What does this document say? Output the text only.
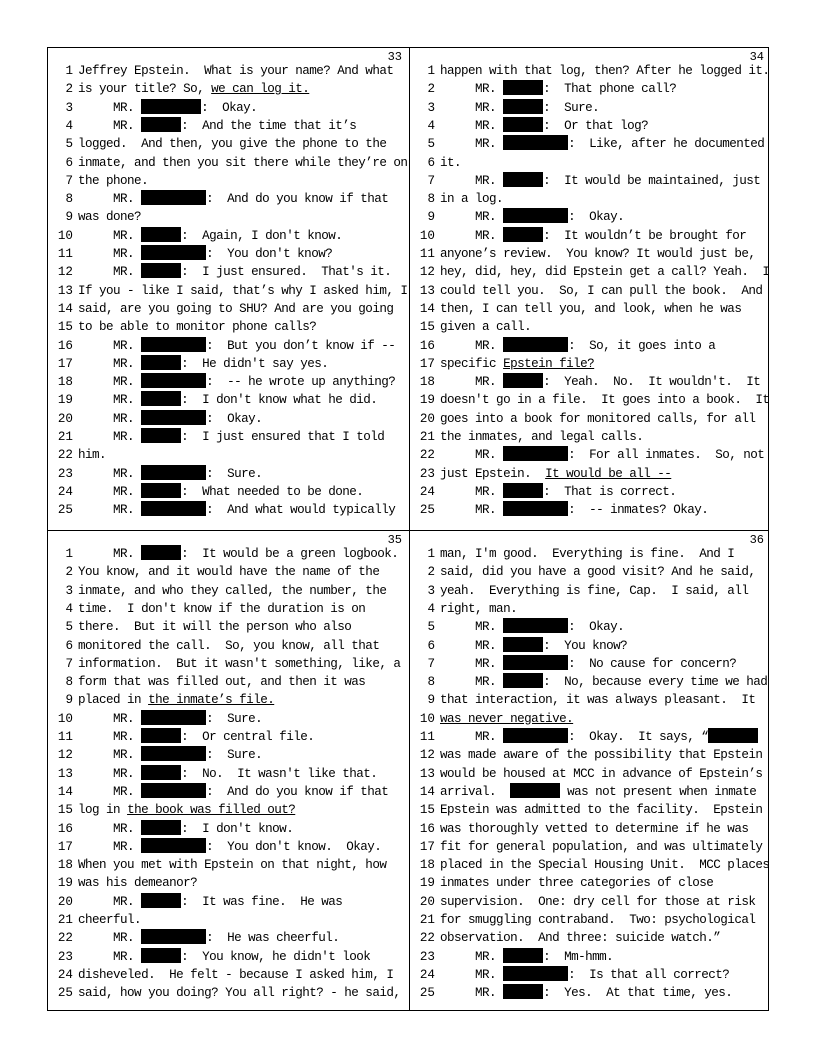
33
1 Jeffrey Epstein.  What is your name? And what
2 is your title? So, we can log it.
3     MR.	:  Okay.
4     MR.	:  And the time that it’s
5 logged.  And then, you give the phone to the
6 inmate, and then you sit there while they’re on
7 the phone.
8     MR.	:  And do you know if that
9 was done?
10     MR.	:  Again, I don't know.
11     MR.	:  You don't know?
12     MR.	:  I just ensured.  That's it.
13 If you - like I said, that’s why I asked him, I
14 said, are you going to SHU? And are you going
15 to be able to monitor phone calls?
16     MR.	:  But you don’t know if --
17     MR.	:  He didn't say yes.
18     MR.	:  -- he wrote up anything?
19     MR.	:  I don't know what he did.
20     MR.	:  Okay.
21     MR.	:  I just ensured that I told
22 him.
23     MR.	:  Sure.
24     MR.	:  What needed to be done.
25     MR.	:  And what would typically
34
1 happen with that log, then? After he logged it.
2     MR.	:  That phone call?
3     MR.	:  Sure.
4     MR.	:  Or that log?
5     MR.	:  Like, after he documented
6 it.
7     MR.	:  It would be maintained, just
8 in a log.
9     MR.	:  Okay.
10     MR.	:  It wouldn’t be brought for
11 anyone’s review.  You know? It would just be,
12 hey, did, hey, did Epstein get a call? Yeah.  I
13 could tell you.  So, I can pull the book.  And
14 then, I can tell you, and look, when he was
15 given a call.
16     MR.	:  So, it goes into a
17 specific Epstein file?
18     MR.	:  Yeah.  No.  It wouldn't.  It
19 doesn't go in a file.  It goes into a book.  It
20 goes into a book for monitored calls, for all
21 the inmates, and legal calls.
22     MR.	:  For all inmates.  So, not
23 just Epstein.  It would be all --
24     MR.	:  That is correct.
25     MR.	:  -- inmates? Okay.
35
1     MR.	:  It would be a green logbook.
2 You know, and it would have the name of the
3 inmate, and who they called, the number, the
4 time.  I don't know if the duration is on
5 there.  But it will the person who also
6 monitored the call.  So, you know, all that
7 information.  But it wasn't something, like, a
8 form that was filled out, and then it was
9 placed in the inmate’s file.
10     MR.	:  Sure.
11     MR.	:  Or central file.
12     MR.	:  Sure.
13     MR.	:  No.  It wasn't like that.
14     MR.	:  And do you know if that
15 log in the book was filled out?
16     MR.	:  I don't know.
17     MR.	:  You don't know.  Okay.
18 When you met with Epstein on that night, how
19 was his demeanor?
20     MR.	:  It was fine.  He was
21 cheerful.
22     MR.	:  He was cheerful.
23     MR.	:  You know, he didn't look
24 disheveled.  He felt - because I asked him, I
25 said, how you doing? You all right? - he said,
36
1 man, I'm good.  Everything is fine.  And I
2 said, did you have a good visit? And he said,
3 yeah.  Everything is fine, Cap.  I said, all
4 right, man.
5     MR.	:  Okay.
6     MR.	:  You know?
7     MR.	:  No cause for concern?
8     MR.	:  No, because every time we had
9 that interaction, it was always pleasant.  It
10 was never negative.
11     MR.	:  Okay.  It says, “
12 was made aware of the possibility that Epstein
13 would be housed at MCC in advance of Epstein’s
14 arrival.	was not present when inmate
15 Epstein was admitted to the facility.  Epstein
16 was thoroughly vetted to determine if he was
17 fit for general population, and was ultimately
18 placed in the Special Housing Unit.  MCC places
19 inmates under three categories of close
20 supervision.  One: dry cell for those at risk
21 for smuggling contraband.  Two: psychological
22 observation.  And three: suicide watch.”
23     MR.	:  Mm-hmm.
24     MR.	:  Is that all correct?
25     MR.	:  Yes.  At that time, yes.
